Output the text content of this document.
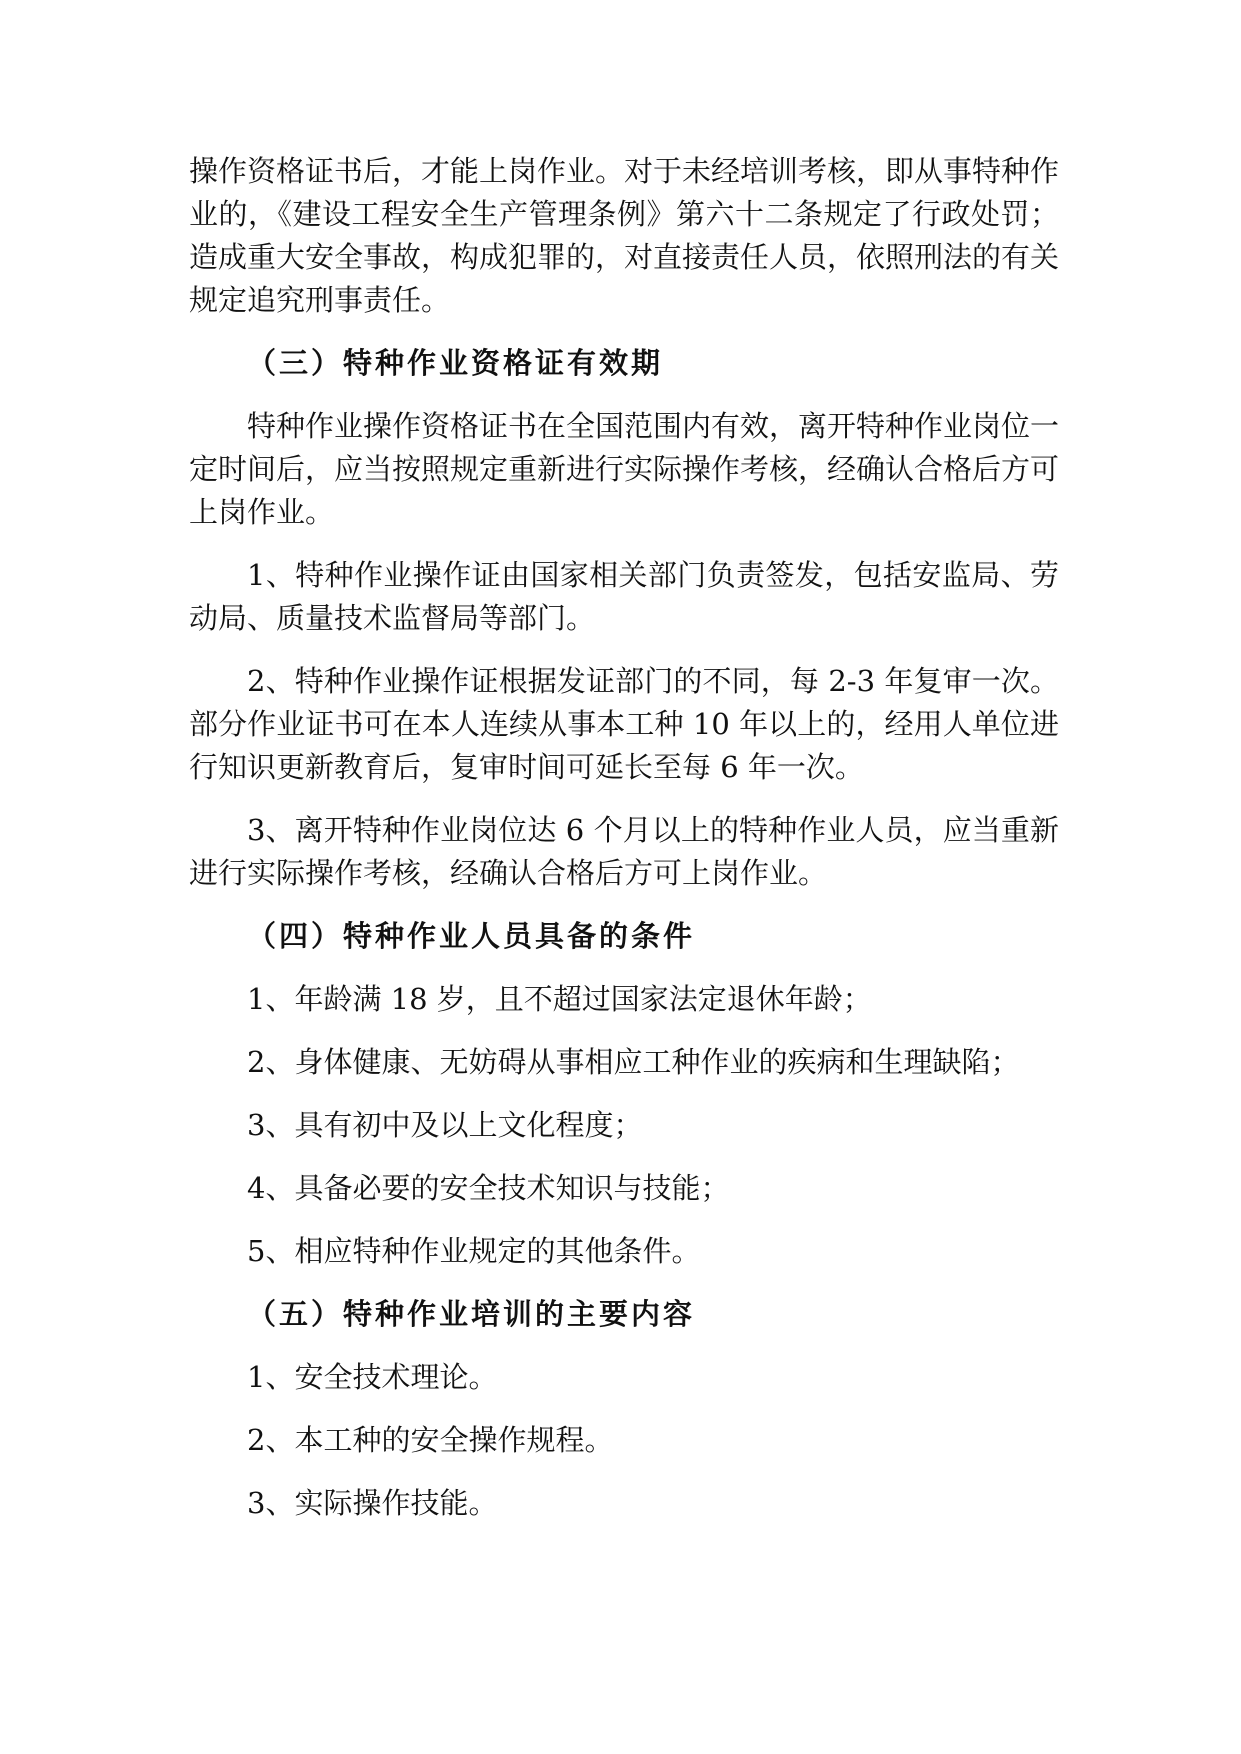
操作资格证书后，才能上岗作业。对于未经培训考核，即从事特种作业的，《建设工程安全生产管理条例》第六十二条规定了行政处罚；造成重大安全事故，构成犯罪的，对直接责任人员，依照刑法的有关规定追究刑事责任。

（三）特种作业资格证有效期

特种作业操作资格证书在全国范围内有效，离开特种作业岗位一定时间后，应当按照规定重新进行实际操作考核，经确认合格后方可上岗作业。

1、特种作业操作证由国家相关部门负责签发，包括安监局、劳动局、质量技术监督局等部门。

2、特种作业操作证根据发证部门的不同，每 2-3 年复审一次。部分作业证书可在本人连续从事本工种 10 年以上的，经用人单位进行知识更新教育后，复审时间可延长至每 6 年一次。

3、离开特种作业岗位达 6 个月以上的特种作业人员，应当重新进行实际操作考核，经确认合格后方可上岗作业。

（四）特种作业人员具备的条件

1、年龄满 18 岁，且不超过国家法定退休年龄；

2、身体健康、无妨碍从事相应工种作业的疾病和生理缺陷；

3、具有初中及以上文化程度；

4、具备必要的安全技术知识与技能；

5、相应特种作业规定的其他条件。

（五）特种作业培训的主要内容

1、安全技术理论。

2、本工种的安全操作规程。

3、实际操作技能。
